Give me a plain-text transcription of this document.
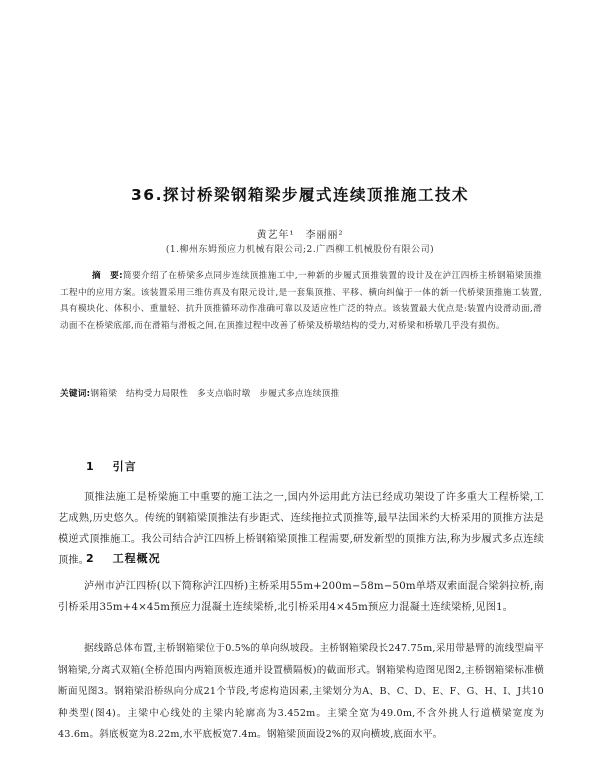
36.探讨桥梁钢箱梁步履式连续顶推施工技术
黄艺年¹　李丽丽²
(1.柳州东姆预应力机械有限公司;2.广西柳工机械股份有限公司)
摘　要:简要介绍了在桥梁多点同步连续顶推施工中,一种新的步履式顶推装置的设计及在泸江四桥主桥钢箱梁顶推工程中的应用方案。该装置采用三维仿真及有限元设计,是一套集顶推、平移、横向纠偏于一体的新一代桥梁顶推施工装置,具有模块化、体积小、重量轻、抗升顶推循环动作准确可靠以及适应性广泛的特点。该装置最大优点是:装置内设滑动面,滑动面不在桥梁底部,而在滑箱与滑板之间,在顶推过程中改善了桥梁及桥墩结构的受力,对桥梁和桥墩几乎没有损伤。
关键词:钢箱梁　结构受力局限性　多支点临时墩　步履式多点连续顶推
1 引言
顶推法施工是桥梁施工中重要的施工法之一,国内外运用此方法已经成功架设了许多重大工程桥梁,工艺成熟,历史悠久。传统的钢箱梁顶推法有步距式、连续拖拉式顶推等,最早法国米约大桥采用的顶推方法是模逆式顶推施工。我公司结合泸江四桥上桥钢箱梁顶推工程需要,研发新型的顶推方法,称为步履式多点连续顶推。
2 工程概况
泸州市泸江四桥(以下简称泸江四桥)主桥采用55m+200m−58m−50m单塔双索面混合梁斜拉桥,南引桥采用35m+4×45m预应力混凝土连续梁桥,北引桥采用4×45m预应力混凝土连续梁桥,见图1。
据线路总体布置,主桥钢箱梁位于0.5%的单向纵坡段。主桥钢箱梁段长247.75m,采用带悬臂的流线型扁平钢箱梁,分离式双箱(全桥范围内两箱顶板连通并设置横隔板)的截面形式。钢箱梁构造图见图2,主桥钢箱梁标准横断面见图3。钢箱梁沿桥纵向分成21个节段,考虑构造因素,主梁划分为A、B、C、D、E、F、G、H、I、J共10种类型(图4)。主梁中心线处的主梁内轮廓高为3.452m。主梁全宽为49.0m,不含外挑人行道横梁宽度为43.6m。斜底板宽为8.22m,水平底板宽7.4m。钢箱梁顶面设2%的双向横坡,底面水平。
